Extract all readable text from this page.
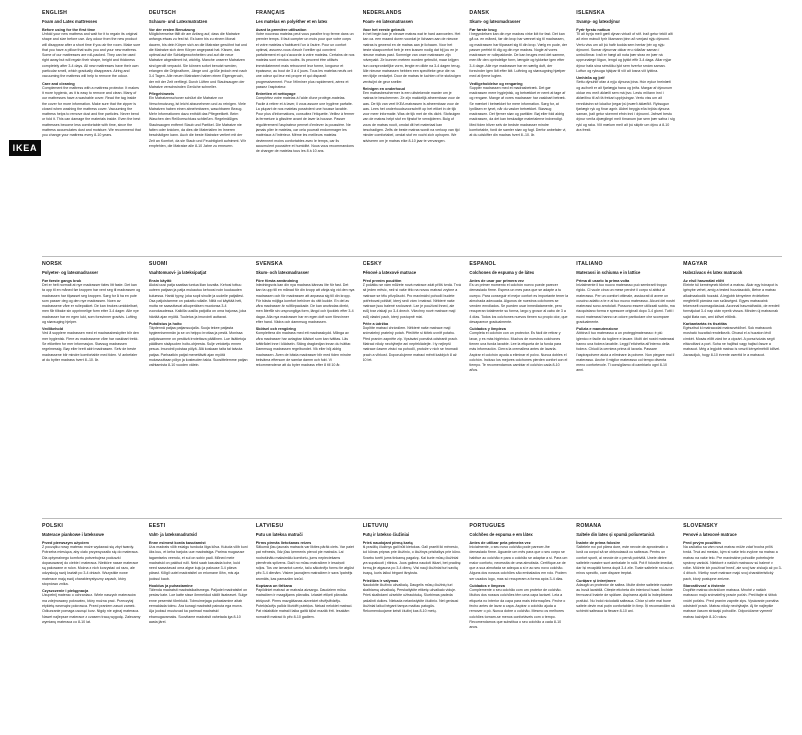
IKEA
ENGLISH
Foam and Latex mattresses
Before using for the first time
Unfold your new mattress and wait for it to regain its original shape and size before use. Any odour from the new product will disappear after a short time if you air the room. Make sure that you have a pillow that suits you and your new mattress. Some of our mattresses are roll-packed. They can be used right away but will regain their shape, height and thickness completely after 3-4 days. All new mattresses have their own particular smell, which gradually disappears. Airing and vacuuming the mattress will help to remove the odour.
Care and cleaning
Complement the mattress with a mattress protector. It makes it more hygienic, as it is easy to remove and clean. Many of our mattresses have a washable cover. Read the tag inside the cover for more information. Make sure that the zipper is closed when washing the mattress cover. Vacuuming the mattress helps to remove dust and fine particles. Never bend or fold it. This can damage the materials inside. Even the best mattresses become less comfortable with time, since the mattress accumulates dust and moisture. We recommend that you change your mattress every 8-10 years.
DEUTSCH
Schaum- und Latexmatratzen
Vor der ersten Benutzung
Möglicherweise fällt dir am Anfang auf, dass die Matratze anfangs etwas zu fest ist. Es kann bis zu einem Monat dauern, bis dein Körper sich an die Matratze gewöhnt hat und die Matratze sich dem Körper angepasst hat. Kissen, das optimal auf die Schlafgewohnheiten und auf die neue Matratze abgestimmt ist, wichtig. Manche unserer Matratzen sind gerollt verpackt. Sie können sofort benutzt werden, erlangen die Originalform, -länge und -größe jedoch erst nach 3-4 Tagen. Alle neuen Matratzen haben einen Eigengeruch, der mit der Zeit verfliegt. Durch Lüften und Staubsaugen der Matratze verschwinden Gerüche schneller.
Pflegehinweis
Ein Matratzenschoner schützt die Matratze vor Verschmutzung, ist leicht abzunehmen und zu reinigen. Viele Matratzen haben einen abnehmbaren, waschbaren Bezug. Mehr Informationen dazu enthält das Pflegeetikett. Beim Waschen den Reißverschluss schließen. Regelmäßiges Staubsaugen entfernt Staub und Partikel. Die Matratze nie falten oder knicken, da dies die Materialien im Inneren beschädigen kann. Auch die beste Matratze verliert mit der Zeit an Komfort, da sie Staub und Feuchtigkeit aufnimmt. Wir empfehlen, die Matratze alle 8-10 Jahre zu erneuern.
FRANÇAIS
Les matelas en polyéther et en latex
Avant la première utilisation
Votre nouveau matelas peut vous paraître trop ferme dans un premier temps. Il faut compter un mois pour que votre corps et votre matelas s'habituent l'un à l'autre. Pour un confort optimal, assurez-vous d'avoir l'oreiller qui convient parfaitement et qui s'accorde à votre matelas. Certains de nos matelas sont vendus roulés. Ils peuvent être utilisés immédiatement mais retrouvent leur forme, longueur et épaisseur, au bout de 3 à 4 jours. Tous les matelas neufs ont une odeur qui leur est propre et qui disparaît progressivement. Pour l'éliminer plus rapidement, aérez et passez l'aspirateur.
Entretien et nettoyage
Complétez votre matelas à l'aide d'une protège-matelas. Facile à retirer et à laver, il vous assure une hygiène parfaite. La plupart de nos matelas possèdent une housse lavable. Pour plus d'informations, consultez l'étiquette. Veillez à fermer la fermeture à glissière avant de laver la housse. Passer régulièrement l'aspirateur permet d'enlever la poussière. Ne jamais plier le matelas, car cela pourrait endommager les matériaux à l'intérieur. Même les meilleurs matelas deviennent moins confortables avec le temps, car ils accumulent poussière et humidité. Nous vous recommandons de changer de matelas tous les 8 à 10 ans.
NEDERLANDS
Foam- en latexmatrassen
Voor het eerste gebruik
In het begin kan je nieuwe matras wat te hard aanvoelen. Het kan ca. een maand duren voordat je lichaam aan de nieuwe matras is gewend en de matras aan je lichaam. Voor het beste slaapcomfort heb je een kussen nodig dat bij jou en je nieuwe matras past. Sommige van onze matrassen zijn rolverpakt. Ze kunnen meteen worden gebruikt, maar krijgen hun oorspronkelijke vorm, lengte en dikte na 3-4 dagen terug. Alle nieuwe matrassen hebben een specifieke geur die na een tijdje verdwijnt. Door de matras te luchten of te stofzuigen verdwijnt de geur sneller.
Reinigen en onderhoud
Een matrasbeschermer is een uitstekende manier om je matras te beschermen. Ze zijn makkelijk afneembaar voor de was. De tijk van veel IKEA matrassen is afneembaar voor de was. Lees het onderhoudsvoorschrift op het etiket in de tijk voor meer informatie. Was de tijk met de rits dicht. Stofzuigen van de matras helpt stof en fijnstof te verwijderen. Buig of vouw de matras nooit, omdat dit het materiaal kan beschadigen. Zelfs de beste matras wordt na verloop van tijd minder comfortabel, omdat stof en vocht zich ophopen. We adviseren om je matras elke 8-10 jaar te vervangen.
DANSK
Skum- og latexmadrasser
Før første brug
I begyndelsen kan din nye madras virke lidt for fast. Det kan gå ca. en måned, før din krop har vænnet sig til madrassen, og madrassen har tilpasset sig til din krop. Vælg en pude, der passer perfekt til dig og din nye madras. Nogle af vores madrasser er rullepakkede. De kan bruges med det samme, men får den oprindelige form, længde og tykkelse igen efter 3-4 dage. Alle nye madrasser har en særlig duft, der forsvinder igen lidt efter lidt. Luftning og støvsugning hjælper med at fjerne lugten.
Vedligeholdelse og rengøring
Supplér madrassen med et madrasbetræk. Det gør madrassen mere hygiejnisk, og betrækket er nemt at tage af og rengøre. Mange af vores madrasser har vaskbart betræk. Se mærket i betrækket for mere information. Sørg for, at lynlåsen er lynet, når du vasker betrækket. Støvsug madrassen. Det fjerner støv og partikler. Bøj eller fold aldrig madrassen, da det kan beskadige materialerne indvendigt. Med tiden bliver selv de bedste madrasser mindre komfortable, fordi de samler støv og fugt. Derfor anbefaler vi, at du udskifter din madras hvert 8.-10. år.
ÍSLENSKA
Svamp- og latexdýnur
Fyrir fyrstu notkun
Til að byrja með gæti dýnan virkað of stíf. Það getur tekið allt að einn mánuð fyrir líkamann þinn að venjast nýju dýnunni. Vertu viss um að þú hafir kodda sem hentar þér og nýju dýnunni. Sumar dýnurnar okkar eru rúllaðar saman í umbúðirnar. Það er hægt að nota þær strax en þær ná upprunalegri lögun, lengd og þykkt eftir 3-4 daga. Allar nýjar dýnur hafa sína sérstöku lykt sem hverfur smám saman. Loftun og ryksuga hjálpar til við að losna við lyktina.
Umhirða og þrif
Settu dýnuhlíf ofan á nýju dýnuna þína. Hún eykur hreinlæti og auðvelt er að fjarlægja hana og þrífa. Margar af dýnunum okkar eru með áklæði sem má þvo. Lestu miðann inni í áklæðinu til að fá frekari upplýsingar. Vertu viss um að rennilásinn sé lokaður þegar þú þværð áklæðið. Ryksugun fjarlægir ryk og fínar agnir. Aldrei beygja eða brjóta dýnuna saman, það getur skemmt efnin inni í dýnunni. Jafnvel bestu dýnur verða óþægilegri með tímanum þar sem þær safna í sig ryki og raka. Við mælum með að þú skiptir um dýnu á 8-10 ára fresti.
NORSK
Polyeter- og latexmadrasser
Før første gangs bruk
Det er helt normalt at nye madrasser føles litt faste. Det kan ta opp til en måned før kroppen har vent seg til madrassen og madrassen har tilpasset seg kroppen. Sørg for å ha en pute som passer deg og den nye madrassen. Noen av madrassene våre er rullepakket. De kan brukes umiddelbart, men får tilbake sin opprinnelige form etter 3-4 dager. Alle nye madrasser har en egen lukt, som forsvinner gradvis. Lufting og støvsuging hjelper.
Vedlikehold
Ved å supplere madrassen med et madrassbeskytter blir den mer hygienisk. Flere av madrassene våre har vaskbart trekk. Se etiketten for mer informasjon. Støvsug madrassen regelmessig. Bøy eller brett aldri madrassen. Selv de beste madrassene blir mindre komfortable med tiden. Vi anbefaler at du bytter madrass hvert 8.-10. år.
SUOMI
Vaahtomuovi- ja lateksipatjat
Ensin käyttö
Aluksi uusi patja saattaa tuntua liian kovalta. Kehosi tottuu uuteen patjaan ja patja mukautuu kehoosi noin kuukauden kuluessa. Hanki tyyny, joka sopii sinulle ja uudelle patjallesi. Osa patjoistamme on pakattu rullalle. Niitä voi käyttää heti, mutta ne saavuttavat alkuperäisen muotonsa 3-4 vuorokaudessa. Kaikilla uusilla patjoilla on oma hajunsa, joka häviää ajan myötä. Tuuletus ja imurointi auttavat.
Puhdistus ja hoito
Täydennä patjaa patjansuojalla. Suoja tekee patjasta hygieenisemmän ja se on helppo irrottaa ja pestä. Monissa patjoissamme on pestävä irrotettava päällinen. Lue lisätietoja päällisen sisäpuolen hoito-ohjeesta. Sulje vetoketju ennen pesua. Imurointi poistaa pölyä. Älä koskaan taita tai taivuta patjaa. Parhaatkin patjat menettävät ajan myötä mukavuuttaan pölyn ja kosteuden takia. Suosittelemme patjan vaihtamista 8-10 vuoden välein.
SVENSKA
Skum- och latexmadrasser
Före första användning
Inledningsvis kan din nya madrass kännas lite för fast. Det kan ta upp till en månad för din kropp att vänja sig vid den nya madrassen och för madrassen att anpassa sig till din kropp. För bästa möjliga komfort behöver du rätt kudde. En del av våra madrasser är rullförpackade. De kan användas direkt, men återfår sin ursprungliga form, längd och tjocklek efter 3-4 dagar. Alla nya madrasser har en egen doft som försvinner efter hand. Vädra och dammsug madrassen.
Skötsel och rengöring
Komplettera din madrass med ett madrasskydd. Många av våra madrasser har avtagbar klädsel som kan tvättas. Läs tvättrådet inne i klädseln. Stäng dragkedjan innan du tvättar. Dammsug madrassen regelbundet. Vik eller böj aldrig madrassen. Även de bästa madrasser blir med tiden mindre bekväma eftersom de samlar damm och fukt. Vi rekommenderar att du byter madrass efter 8 till 10 år.
ČESKY
Pěnové a latexové matrace
Před prvním použitím
Z počátku se vám můžete nová matrace zdát příliš tvrdá. Trvá až jeden měsíc, než si vaše tělo na novou matraci zvykne a matrace se tělu přizpůsobí. Pro maximální pohodlí budete potřebovat polštář, který sedí vám i matraci. Některé naše matrace jsou balené srolované. Lze je používat ihned, ale svůj tvar získají po 3-4 dnech. Všechny nové matrace mají svůj vlastní pach, který postupně mizí.
Péče a údržba
Doplňte matraci chráničem. Některé naše matrace mají snímatelný pratelný potah. Přečtěte si štítek uvnitř potahu. Před praním zapněte zip. Vysávání pomáhá odstranit prach. Matraci nikdy neohýbejte ani nepřekládejte. I ty nejlepší matrace časem ztrácí na pohodlí, protože v nich se hromadí prach a vlhkost. Doporučujeme matraci měnit každých 8 až 10 let.
ESPAÑOL
Colchones de espuma y de látex
Antes de usar por primera vez
Es un primer momento el colchón nuevo puede parecer demasiado firme. Espera un mes para que se adapte a tu cuerpo. Para conseguir el mejor confort es importante tener la almohada adecuada. Algunos de nuestros colchones se venden enrollados. Se pueden usar inmediatamente, pero recuperan totalmente su forma, largo y grosor al cabo de 3 a 4 días. Todos los colchones nuevos tienen su propio olor, que desaparece gradualmente.
Cuidados y limpieza
Completa el colchón con un protector. Es fácil de retirar y lavar, y es más higiénico. Muchos de nuestros colchones tienen una funda lavable. Lee la etiqueta de la funda para más información. Cierra la cremallera antes de lavarla. Aspirar el colchón ayuda a eliminar el polvo. Nunca dobles el colchón. Incluso los mejores colchones pierden confort con el tiempo. Te recomendamos cambiar el colchón cada 8-10 años.
ITALIANO
Materassi in schiuma e in lattice
Prima di usarlo la prima volta
Inizialmente il tuo nuovo materasso può sembrarti troppo rigido. Ci vuole circa un mese perché il corpo si abitui al materasso. Per un comfort ottimale, assicurati di avere un cuscino adatto a te e al tuo nuovo materasso. Alcuni dei nostri materassi sono arrotolati. Possono essere utilizzati subito, ma riacquistano forma e spessore originali dopo 3-4 giorni. Tutti i nuovi materassi hanno un odore particolare che scompare gradualmente.
Pulizia e manutenzione
Abbina il tuo materasso a un proteggimaterasso: è più igienico e facile da togliere e lavare. Molti dei nostri materassi hanno una fodera lavabile. Leggi l'etichetta all'interno della fodera. Chiudi la cerniera prima di lavarla. Passare l'aspirapolvere aiuta a eliminare la polvere. Non piegare mai il materasso. Anche il miglior materasso col tempo diventa meno confortevole. Ti consigliamo di cambiarlo ogni 8-10 anni.
MAGYAR
Habszivacs és latex matracok
Az első használat előtt
Eleinte túl keménynek tűnhet a matrac. Akár egy hónapot is igénybe vehet, amíg a tested hozzászokik, illetve a matrac alkalmazkodik hozzád. A legjobb kényelem érdekében megfelelő párnára van szükséged. Egyes matracaink tekercselt csomagolásúak. Azonnal használhatók, de eredeti formájukat 3-4 nap után nyerik vissza. Minden új matracnak saját illata van, ami idővel eltűnik.
Karbantartás és tisztítás
Egészítsd ki matracodat matracvédővel. Sok matracunk mosható huzattal rendelkezik. Olvasd el a huzaton lévő címkét. Mosás előtt zárd be a cipzárt. A porszívózás segít eltávolítani a port. Soha ne hajlítsd vagy hajtsd össze a matracot. Még a legjobb matrac is veszít kényelméből idővel. Javasoljuk, hogy 8-10 évente cseréld le a matracot.
POLSKI
Materace piankowe i lateksowe
Przed pierwszym użyciem
Z początku nowy materac może wydawać się zbyt twardy. Potrzeba miesiąca, aby ciało przyzwyczaiło się do materaca. Dla optymalnego komfortu potrzebujesz poduszki dopasowanej do ciebie i materaca. Niektóre nasze materace są pakowane w rulon. Można z nich korzystać od razu, ale odzyskują swój kształt po 3-4 dniach. Wszystkie nowe materace mają swój charakterystyczny zapach, który stopniowo znika.
Czyszczenie i pielęgnacja
Uzupełnij materac o ochraniacz. Wiele naszych materaców ma zdejmowany pokrowiec, który można prać. Przeczytaj etykietę wewnątrz pokrowca. Przed praniem zasuń zamek. Odkurzanie pomaga usunąć kurz. Nigdy nie zginaj materaca. Nawet najlepsze materace z czasem tracą wygodę. Zalecamy wymianę materaca co 8-10 lat.
EESTI
Vaht- ja lateksmadratsid
Enne esimest korda kasutamist
Uus madrats võib esialgu tunduda liiga kõva. Kuluda võib kuni üks kuu, et keha harjuks uue madratsiga. Parima mugavuse tagamiseks veendu, et sul on sobiv padi. Mõned meie madratsid on pakitud rulli. Neid saab kasutada kohe, kuid need saavutavad oma algse kuju ja paksuse 3-4 päeva pärast. Kõigil uutel madratsitel on eriomane lõhn, mis aja jooksul kaob.
Hooldus ja puhastamine
Täienda madratsit madratsikaitsmega. Paljudel madratsitel on pestav kate. Loe katte sisse õmmeldud sildilt lisateavet. Sulge enne pesemist tõmblukk. Tolmuimejaga puhastamine aitab eemaldada tolmu. Ära kunagi madratsit painuta ega murra. Aja jooksul muutuvad ka parimad madratsid ebamugavamaks. Soovitame madratsit vahetada iga 8-10 aasta järel.
LATVIEŠU
Putu un lateksa matrači
Pirms pirmās lietošanas reizes
Sākumā jūsu jaunais matracis var likties pārāk ciets. Var paiet pat mēnesis, līdz jūsu ķermenis pierod pie matrača. Lai nodrošinātu maksimālu komfortu, jums nepieciešams piemērots spilvens. Daži no mūsu matračiem ir iesaiņoti ruļļos. Tos var izmantot uzreiz, taču sākotnējo formu tie atgūst pēc 3-4 dienām. Visiem jaunajiem matračiem ir savs īpatnējs aromāts, kas pamazām izzūd.
Kopšana un tīrīšana
Papildiniet matraci ar matrača aizsargu. Daudziem mūsu matračiem ir mazgājams pārvalks. Izlasiet etiķeti pārvalka iekšpusē. Pirms mazgāšanas aizvelciet rāvējslēdzēju. Putekļsūcējs palīdz likvidēt putekļus. Nekad nelokiet matraci. Pat vislabākie matrači laika gaitā kļūst mazāk ērti. Iesakām nomainīt matraci ik pēc 8-10 gadiem.
LIETUVIŲ
Putų ir latekso čiužiniai
Prieš naudojant pirmą kartą
Iš pradžių čiužinys gali būti kietokas. Gali praeiti iki mėnesio, kol kūnas pripras prie čiužinio, o čiužinys prisitaikys prie kūno. Svarbu turėti jums tinkamą pagalvę. Kai kurie mūsų čiužiniai yra supakuoti į ritinius. Juos galima naudoti iškart, bet pradinę formą jie atgauna po 3-4 dienų. Visi nauji čiužiniai turi savitą kvapą, kuris laikui bėgant išnyksta.
Priežiūra ir valymas
Naudokite čiužinio užvalkalą. Daugelis mūsų čiužinių turi skalbiamą užvalkalą. Perskaitykite etiketę užvalkalo viduje. Prieš skalbdami užsekite užtrauktuką. Siurbimas padeda pašalinti dulkes. Niekada nelankstykite čiužinio. Net geriausi čiužiniai laikui bėgant tampa mažiau patogūs. Rekomenduojame keisti čiužinį kas 8-10 metų.
PORTUGUÊS
Colchões de espuma e em látex
Antes de utilizar pela primeira vez
Inicialmente, o seu novo colchão pode parecer-lhe demasiado firme. Aguarde um mês para que o seu corpo se habitue ao colchão e para o colchão se adaptar a si. Para um maior conforto, necessita de uma almofada. Certifique-se de que a sua almofada se adequa a si e ao seu novo colchão. Alguns dos nossos colchões são embalados em rolo. Podem ser usados logo, mas só recuperam a forma após 3-4 dias.
Cuidados e limpeza
Complemente o seu colchão com um protetor de colchão. Muitos dos nossos colchões têm uma capa lavável. Leia a etiqueta no interior da capa para mais informações. Feche o fecho antes de lavar a capa. Aspirar o colchão ajuda a remover o pó. Nunca dobre o colchão. Mesmo os melhores colchões tornam-se menos confortáveis com o tempo. Recomendamos que substitua o seu colchão a cada 8-10 anos.
ROMÂNA
Saltele din latex și spumă poliuretanică
Înainte de prima folosire
Saltelele noi pot părea dure, este nevoie de aproximativ o lună ca corpul să se obișnuiască cu salteaua. Pentru un confort sporit, ai nevoie de o pernă potrivită. Unele dintre saltelele noastre sunt ambalate în rolă. Pot fi folosite imediat, dar își recapătă forma după 3-4 zile. Toate saltelele noi au un miros specific, care dispare treptat.
Curățare și întreținere
Adaugă un protector de saltea. Multe dintre saltelele noastre au husă lavabilă. Citește eticheta din interiorul husei. Închide fermoarul înainte de spălare. Aspirarea ajută la îndepărtarea prafului. Nu îndoi niciodată salteaua. Chiar și cele mai bune saltele devin mai puțin confortabile în timp. Îți recomandăm să schimbi salteaua la fiecare 8-10 ani.
SLOVENSKY
Penové a latexové matrace
Pred prvým použitím
Na začiatku sa vám nová matrac môže zdať trocha príliš tvrdá. Trvá asi mesiac, kým si vaše telo zvykne na matrac a matrac na vaše telo. Pre maximálne pohodlie potrebujete správny vankúš. Niektoré z našich matracov sú balené v rolke. Môžete ich používať hneď, ale svoj tvar získajú až po 3-4 dňoch. Všetky nové matrace majú svoj charakteristický pach, ktorý postupne zmizne.
Starostlivosť a čistenie
Doplňte matrac chráničom matraca. Mnohé z našich matracov majú snímateľný pracie poťah. Prečítajte si štítok vnútri poťahu. Pred praním zapnite zips. Vysávanie pomáha odstrániť prach. Matrac nikdy neohýbajte. Aj tie najlepšie matrace časom strácajú pohodlie. Odporúčame vymeniť matrac každých 8-10 rokov.
